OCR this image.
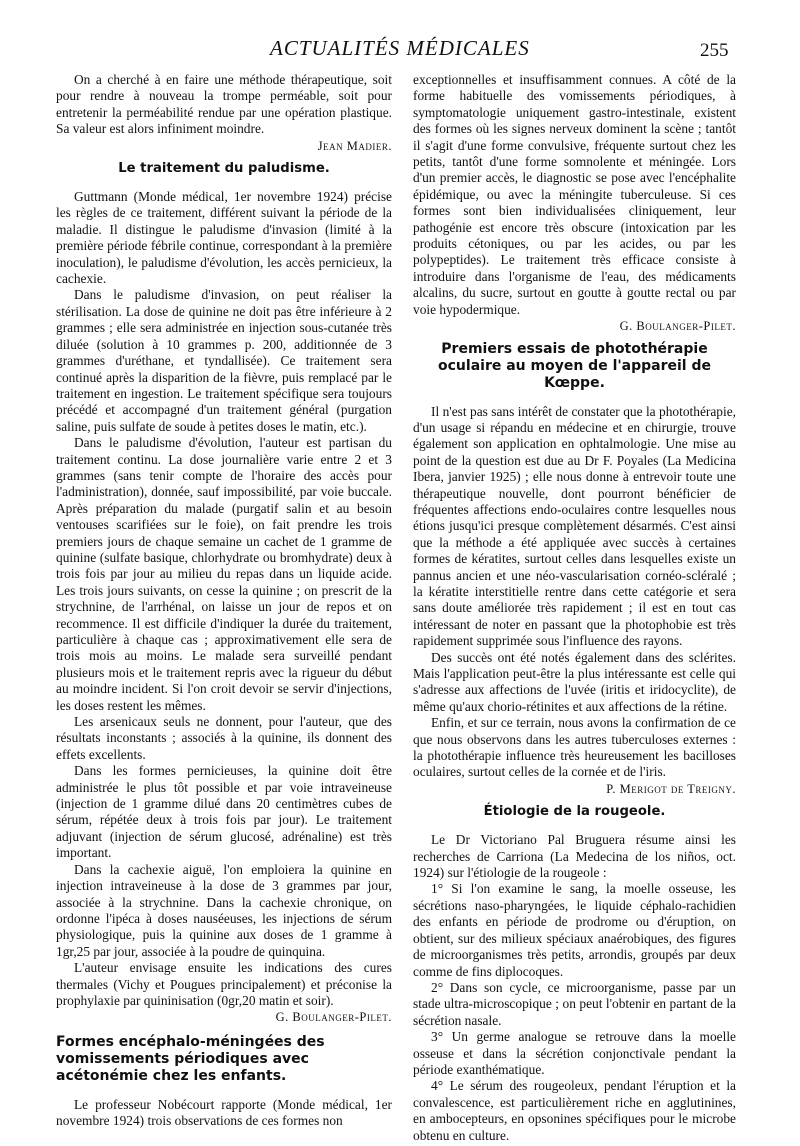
ACTUALITÉS MÉDICALES	255

On a cherché à en faire une méthode thérapeutique, soit pour rendre à nouveau la trompe perméable, soit pour entretenir la perméabilité rendue par une opération plastique. Sa valeur est alors infiniment moindre.

Jean Madier.

Le traitement du paludisme.

Guttmann (Monde médical, 1er novembre 1924) précise les règles de ce traitement, différent suivant la période de la maladie. Il distingue le paludisme d'invasion (limité à la première période fébrile continue, correspondant à la première inoculation), le paludisme d'évolution, les accès pernicieux, la cachexie.

Dans le paludisme d'invasion, on peut réaliser la stérilisation. La dose de quinine ne doit pas être inférieure à 2 grammes ; elle sera administrée en injection sous-cutanée très diluée (solution à 10 grammes p. 200, additionnée de 3 grammes d'uréthane, et tyndallisée). Ce traitement sera continué après la disparition de la fièvre, puis remplacé par le traitement en ingestion. Le traitement spécifique sera toujours précédé et accompagné d'un traitement général (purgation saline, puis sulfate de soude à petites doses le matin, etc.).

Dans le paludisme d'évolution, l'auteur est partisan du traitement continu. La dose journalière varie entre 2 et 3 grammes (sans tenir compte de l'horaire des accès pour l'administration), donnée, sauf impossibilité, par voie buccale. Après préparation du malade (purgatif salin et au besoin ventouses scarifiées sur le foie), on fait prendre les trois premiers jours de chaque semaine un cachet de 1 gramme de quinine (sulfate basique, chlorhydrate ou bromhydrate) deux à trois fois par jour au milieu du repas dans un liquide acide. Les trois jours suivants, on cesse la quinine ; on prescrit de la strychnine, de l'arrhénal, on laisse un jour de repos et on recommence. Il est difficile d'indiquer la durée du traitement, particulière à chaque cas ; approximativement elle sera de trois mois au moins. Le malade sera surveillé pendant plusieurs mois et le traitement repris avec la rigueur du début au moindre incident. Si l'on croit devoir se servir d'injections, les doses restent les mêmes.

Les arsenicaux seuls ne donnent, pour l'auteur, que des résultats inconstants ; associés à la quinine, ils donnent des effets excellents.

Dans les formes pernicieuses, la quinine doit être administrée le plus tôt possible et par voie intraveineuse (injection de 1 gramme dilué dans 20 centimètres cubes de sérum, répétée deux à trois fois par jour). Le traitement adjuvant (injection de sérum glucosé, adrénaline) est très important.

Dans la cachexie aiguë, l'on emploiera la quinine en injection intraveineuse à la dose de 3 grammes par jour, associée à la strychnine. Dans la cachexie chronique, on ordonne l'ipéca à doses nauséeuses, les injections de sérum physiologique, puis la quinine aux doses de 1 gramme à 1gr,25 par jour, associée à la poudre de quinquina.

L'auteur envisage ensuite les indications des cures thermales (Vichy et Pougues principalement) et préconise la prophylaxie par quininisation (0gr,20 matin et soir).

G. Boulanger-Pilet.

Formes encéphalo-méningées des vomissements périodiques avec acétonémie chez les enfants.

Le professeur Nobécourt rapporte (Monde médical, 1er novembre 1924) trois observations de ces formes non

exceptionnelles et insuffisamment connues. A côté de la forme habituelle des vomissements périodiques, à symptomatologie uniquement gastro-intestinale, existent des formes où les signes nerveux dominent la scène ; tantôt il s'agit d'une forme convulsive, fréquente surtout chez les petits, tantôt d'une forme somnolente et méningée. Lors d'un premier accès, le diagnostic se pose avec l'encéphalite épidémique, ou avec la méningite tuberculeuse. Si ces formes sont bien individualisées cliniquement, leur pathogénie est encore très obscure (intoxication par les produits cétoniques, ou par les acides, ou par les polypeptides). Le traitement très efficace consiste à introduire dans l'organisme de l'eau, des médicaments alcalins, du sucre, surtout en goutte à goutte rectal ou par voie hypodermique.

G. Boulanger-Pilet.

Premiers essais de photothérapie oculaire au moyen de l'appareil de Kœppe.

Il n'est pas sans intérêt de constater que la photothérapie, d'un usage si répandu en médecine et en chirurgie, trouve également son application en ophtalmologie. Une mise au point de la question est due au Dr F. Poyales (La Medicina Ibera, janvier 1925) ; elle nous donne à entrevoir toute une thérapeutique nouvelle, dont pourront bénéficier de fréquentes affections endo-oculaires contre lesquelles nous étions jusqu'ici presque complètement désarmés. C'est ainsi que la méthode a été appliquée avec succès à certaines formes de kératites, surtout celles dans lesquelles existe un pannus ancien et une néo-vascularisation cornéo-scléralé ; la kératite interstitielle rentre dans cette catégorie et sera sans doute améliorée très rapidement ; il est en tout cas intéressant de noter en passant que la photophobie est très rapidement supprimée sous l'influence des rayons.

Des succès ont été notés également dans des sclérites. Mais l'application peut-être la plus intéressante est celle qui s'adresse aux affections de l'uvée (iritis et iridocyclite), de même qu'aux chorio-rétinites et aux affections de la rétine.

Enfin, et sur ce terrain, nous avons la confirmation de ce que nous observons dans les autres tuberculoses externes : la photothérapie influence très heureusement les bacilloses oculaires, surtout celles de la cornée et de l'iris.

P. Merigot de Treigny.

Étiologie de la rougeole.

Le Dr Victoriano Pal Bruguera résume ainsi les recherches de Carriona (La Medecina de los niños, oct. 1924) sur l'étiologie de la rougeole :

1° Si l'on examine le sang, la moelle osseuse, les sécrétions naso-pharyngées, le liquide céphalo-rachidien des enfants en période de prodrome ou d'éruption, on obtient, sur des milieux spéciaux anaérobiques, des figures de microorganismes très petits, arrondis, groupés par deux comme de fins diplocoques.

2° Dans son cycle, ce microorganisme, passe par un stade ultra-microscopique ; on peut l'obtenir en partant de la sécrétion nasale.

3° Un germe analogue se retrouve dans la moelle osseuse et dans la sécrétion conjonctivale pendant la période exanthématique.

4° Le sérum des rougeoleux, pendant l'éruption et la convalescence, est particulièrement riche en agglutinines, en ambocepteurs, en opsonines spécifiques pour le microbe obtenu en culture.
